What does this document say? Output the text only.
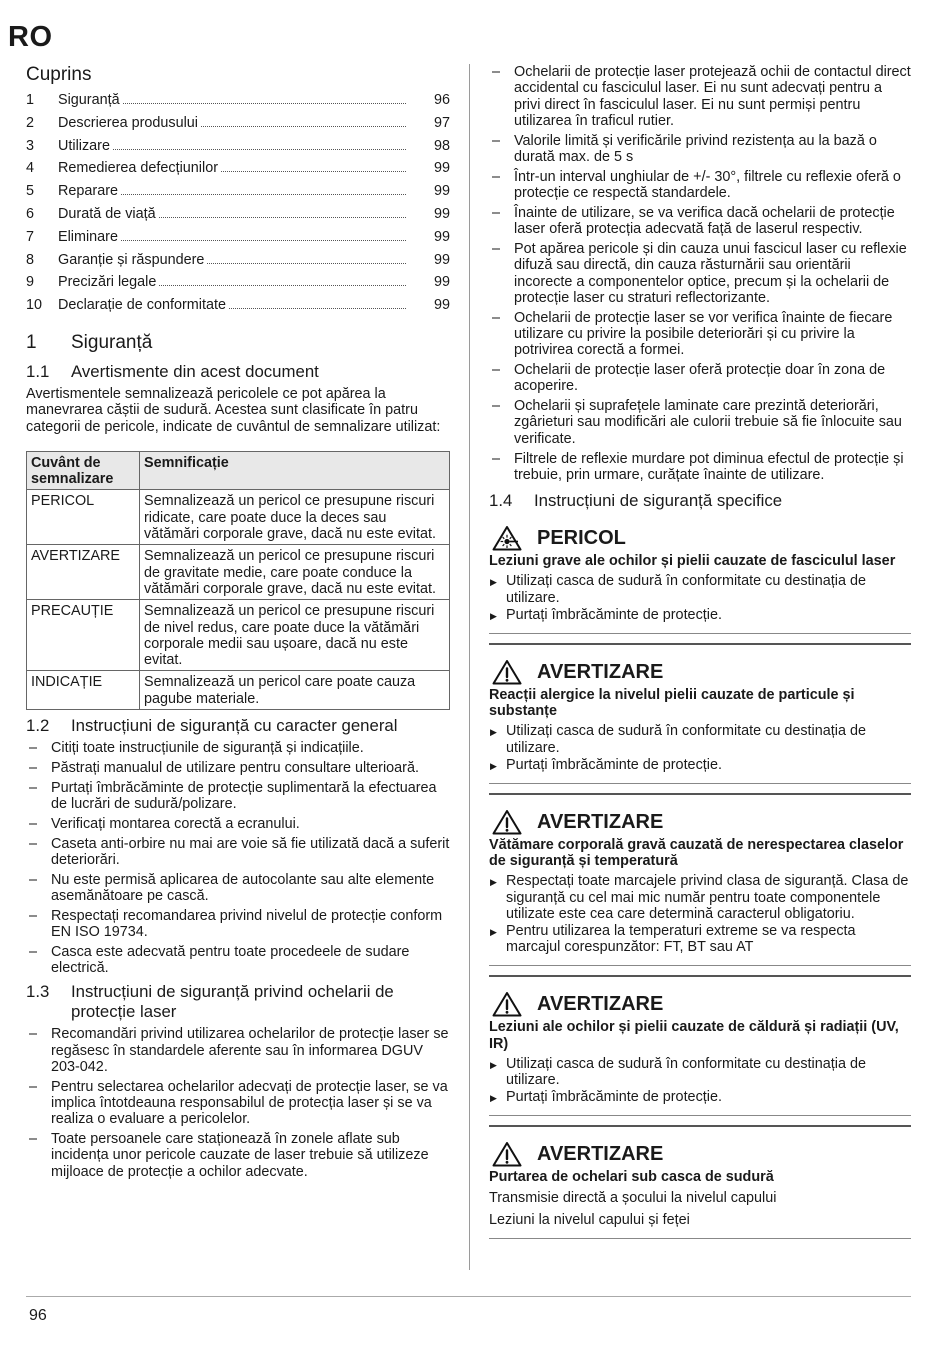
RO
Cuprins
1	Siguranță	96
2	Descrierea produsului	97
3	Utilizare	98
4	Remedierea defecțiunilor	99
5	Reparare	99
6	Durată de viață	99
7	Eliminare	99
8	Garanție și răspundere	99
9	Precizări legale	99
10	Declarație de conformitate	99
1	Siguranță
1.1	Avertismente din acest document

Avertismentele semnalizează pericolele ce pot apărea la manevrarea căștii de sudură. Acestea sunt clasificate în patru categorii de pericole, indicate de cuvântul de semnalizare utilizat:

Cuvânt de semnalizare	Semnificație
PERICOL	Semnalizează un pericol ce presupune riscuri ridicate, care poate duce la deces sau vătămări corporale grave, dacă nu este evitat.
AVERTIZARE	Semnalizează un pericol ce presupune riscuri de gravitate medie, care poate conduce la vătămări corporale grave, dacă nu este evitat.
PRECAUȚIE	Semnalizează un pericol ce presupune riscuri de nivel redus, care poate duce la vătămări corporale medii sau ușoare, dacă nu este evitat.
INDICAȚIE	Semnalizează un pericol care poate cauza pagube materiale.
1.2	Instrucțiuni de siguranță cu caracter general
– Citiți toate instrucțiunile de siguranță și indicațiile.
– Păstrați manualul de utilizare pentru consultare ulterioară.
– Purtați îmbrăcăminte de protecție suplimentară la efectuarea de lucrări de sudură/polizare.
– Verificați montarea corectă a ecranului.
– Caseta anti-orbire nu mai are voie să fie utilizată dacă a suferit deteriorări.
– Nu este permisă aplicarea de autocolante sau alte elemente asemănătoare pe cască.
– Respectați recomandarea privind nivelul de protecție conform EN ISO 19734.
– Casca este adecvată pentru toate procedeele de sudare electrică.
1.3	Instrucțiuni de siguranță privind ochelarii de protecție laser
– Recomandări privind utilizarea ochelarilor de protecție laser se regăsesc în standardele aferente sau în informarea DGUV 203-042.
– Pentru selectarea ochelarilor adecvați de protecție laser, se va implica întotdeauna responsabilul de protecția laser și se va realiza o evaluare a pericolelor.
– Toate persoanele care staționează în zonele aflate sub incidența unor pericole cauzate de laser trebuie să utilizeze mijloace de protecție a ochilor adecvate.
– Ochelarii de protecție laser protejează ochii de contactul direct accidental cu fasciculul laser. Ei nu sunt adecvați pentru a privi direct în fasciculul laser. Ei nu sunt permiși pentru utilizarea în traficul rutier.
– Valorile limită și verificările privind rezistența au la bază o durată max. de 5 s
– Într-un interval unghiular de +/- 30°, filtrele cu reflexie oferă o protecție ce respectă standardele.
– Înainte de utilizare, se va verifica dacă ochelarii de protecție laser oferă protecția adecvată față de laserul respectiv.
– Pot apărea pericole și din cauza unui fascicul laser cu reflexie difuză sau directă, din cauza răsturnării sau orientării incorecte a componentelor optice, precum și la ochelarii de protecție laser cu straturi reflectorizante.
– Ochelarii de protecție laser se vor verifica înainte de fiecare utilizare cu privire la posibile deteriorări și cu privire la potrivirea corectă a formei.
– Ochelarii de protecție laser oferă protecție doar în zona de acoperire.
– Ochelarii și suprafețele laminate care prezintă deteriorări, zgârieturi sau modificări ale culorii trebuie să fie înlocuite sau verificate.
– Filtrele de reflexie murdare pot diminua efectul de protecție și trebuie, prin urmare, curățate înainte de utilizare.
1.4	Instrucțiuni de siguranță specifice
PERICOL
Leziuni grave ale ochilor și pielii cauzate de fasciculul laser
▶ Utilizați casca de sudură în conformitate cu destinația de utilizare.
▶ Purtați îmbrăcăminte de protecție.
AVERTIZARE
Reacții alergice la nivelul pielii cauzate de particule și substanțe
▶ Utilizați casca de sudură în conformitate cu destinația de utilizare.
▶ Purtați îmbrăcăminte de protecție.
AVERTIZARE
Vătămare corporală gravă cauzată de nerespectarea claselor de siguranță și temperatură
▶ Respectați toate marcajele privind clasa de siguranță. Clasa de siguranță cu cel mai mic număr pentru toate componentele utilizate este cea care determină caracterul obligatoriu.
▶ Pentru utilizarea la temperaturi extreme se va respecta marcajul corespunzător: FT, BT sau AT
AVERTIZARE
Leziuni ale ochilor și pielii cauzate de căldură și radiații (UV, IR)
▶ Utilizați casca de sudură în conformitate cu destinația de utilizare.
▶ Purtați îmbrăcăminte de protecție.
AVERTIZARE
Purtarea de ochelari sub casca de sudură
Transmisie directă a șocului la nivelul capului
Leziuni la nivelul capului și feței
96
